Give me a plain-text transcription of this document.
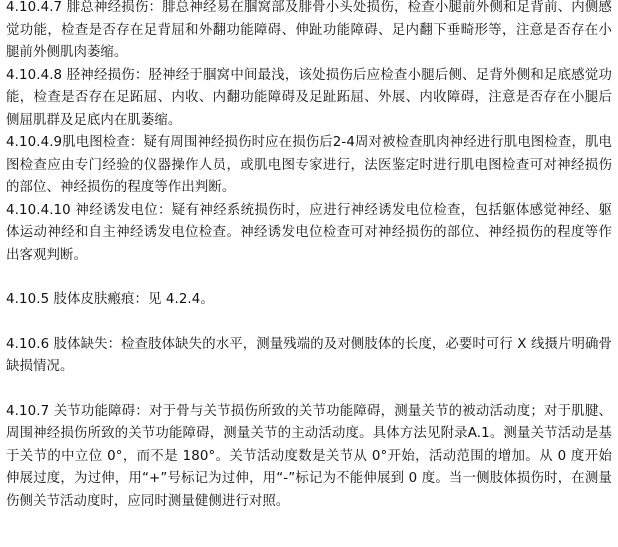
4.10.4.7 腓总神经损伤：腓总神经易在腘窝部及腓骨小头处损伤，检查小腿前外侧和足背前、内侧感觉功能，检查是否存在足背屈和外翻功能障碍、伸趾功能障碍、足内翻下垂畸形等，注意是否存在小腿前外侧肌肉萎缩。

4.10.4.8 胫神经损伤：胫神经于腘窝中间最浅，该处损伤后应检查小腿后侧、足背外侧和足底感觉功能，检查是否存在足跖屈、内收、内翻功能障碍及足趾跖屈、外展、内收障碍，注意是否存在小腿后侧屈肌群及足底内在肌萎缩。

4.10.4.9肌电图检查：疑有周围神经损伤时应在损伤后2-4周对被检查肌肉神经进行肌电图检查，肌电图检查应由专门经验的仪器操作人员，或肌电图专家进行，法医鉴定时进行肌电图检查可对神经损伤的部位、神经损伤的程度等作出判断。

4.10.4.10 神经诱发电位：疑有神经系统损伤时，应进行神经诱发电位检查，包括躯体感觉神经、躯体运动神经和自主神经诱发电位检查。神经诱发电位检查可对神经损伤的部位、神经损伤的程度等作出客观判断。

4.10.5 肢体皮肤瘢痕：见 4.2.4。

4.10.6 肢体缺失：检查肢体缺失的水平，测量残端的及对侧肢体的长度，必要时可行 X 线摄片明确骨缺损情况。

4.10.7 关节功能障碍：对于骨与关节损伤所致的关节功能障碍，测量关节的被动活动度；对于肌腱、周围神经损伤所致的关节功能障碍，测量关节的主动活动度。具体方法见附录A.1。测量关节活动是基于关节的中立位 0°，而不是 180°。关节活动度数是关节从 0°开始，活动范围的增加。从 0 度开始伸展过度，为过伸，用“+”号标记为过伸，用“-”标记为不能伸展到 0 度。当一侧肢体损伤时，在测量伤侧关节活动度时，应同时测量健侧进行对照。
